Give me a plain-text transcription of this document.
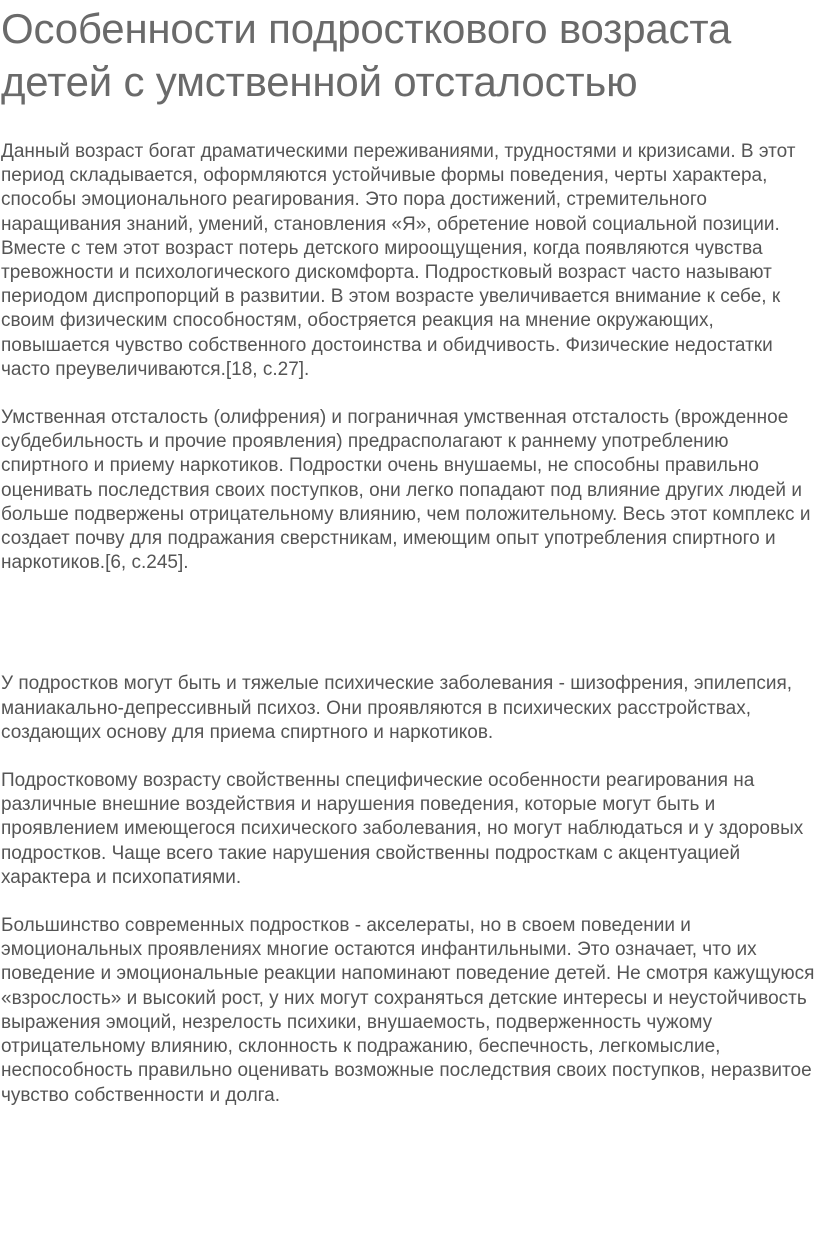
Особенности подросткового возраста детей с умственной отсталостью

Данный возраст богат драматическими переживаниями, трудностями и кризисами. В этот период складывается, оформляются устойчивые формы поведения, черты характера, способы эмоционального реагирования. Это пора достижений, стремительного наращивания знаний, умений, становления «Я», обретение новой социальной позиции. Вместе с тем этот возраст потерь детского мироощущения, когда появляются чувства тревожности и психологического дискомфорта. Подростковый возраст часто называют периодом диспропорций в развитии. В этом возрасте увеличивается внимание к себе, к своим физическим способностям, обостряется реакция на мнение окружающих, повышается чувство собственного достоинства и обидчивость. Физические недостатки часто преувеличиваются.[18, с.27].

Умственная отсталость (олифрения) и пограничная умственная отсталость (врожденное субдебильность и прочие проявления) предрасполагают к раннему употреблению спиртного и приему наркотиков. Подростки очень внушаемы, не способны правильно оценивать последствия своих поступков, они легко попадают под влияние других людей и больше подвержены отрицательному влиянию, чем положительному. Весь этот комплекс и создает почву для подражания сверстникам, имеющим опыт употребления спиртного и наркотиков.[6, с.245].

У подростков могут быть и тяжелые психические заболевания - шизофрения, эпилепсия, маниакально-депрессивный психоз. Они проявляются в психических расстройствах, создающих основу для приема спиртного и наркотиков.

Подростковому возрасту свойственны специфические особенности реагирования на различные внешние воздействия и нарушения поведения, которые могут быть и проявлением имеющегося психического заболевания, но могут наблюдаться и у здоровых подростков. Чаще всего такие нарушения свойственны подросткам с акцентуацией характера и психопатиями.

Большинство современных подростков - акселераты, но в своем поведении и эмоциональных проявлениях многие остаются инфантильными. Это означает, что их поведение и эмоциональные реакции напоминают поведение детей. Не смотря кажущуюся «взрослость» и высокий рост, у них могут сохраняться детские интересы и неустойчивость выражения эмоций, незрелость психики, внушаемость, подверженность чужому отрицательному влиянию, склонность к подражанию, беспечность, легкомыслие, неспособность правильно оценивать возможные последствия своих поступков, неразвитое чувство собственности и долга.
